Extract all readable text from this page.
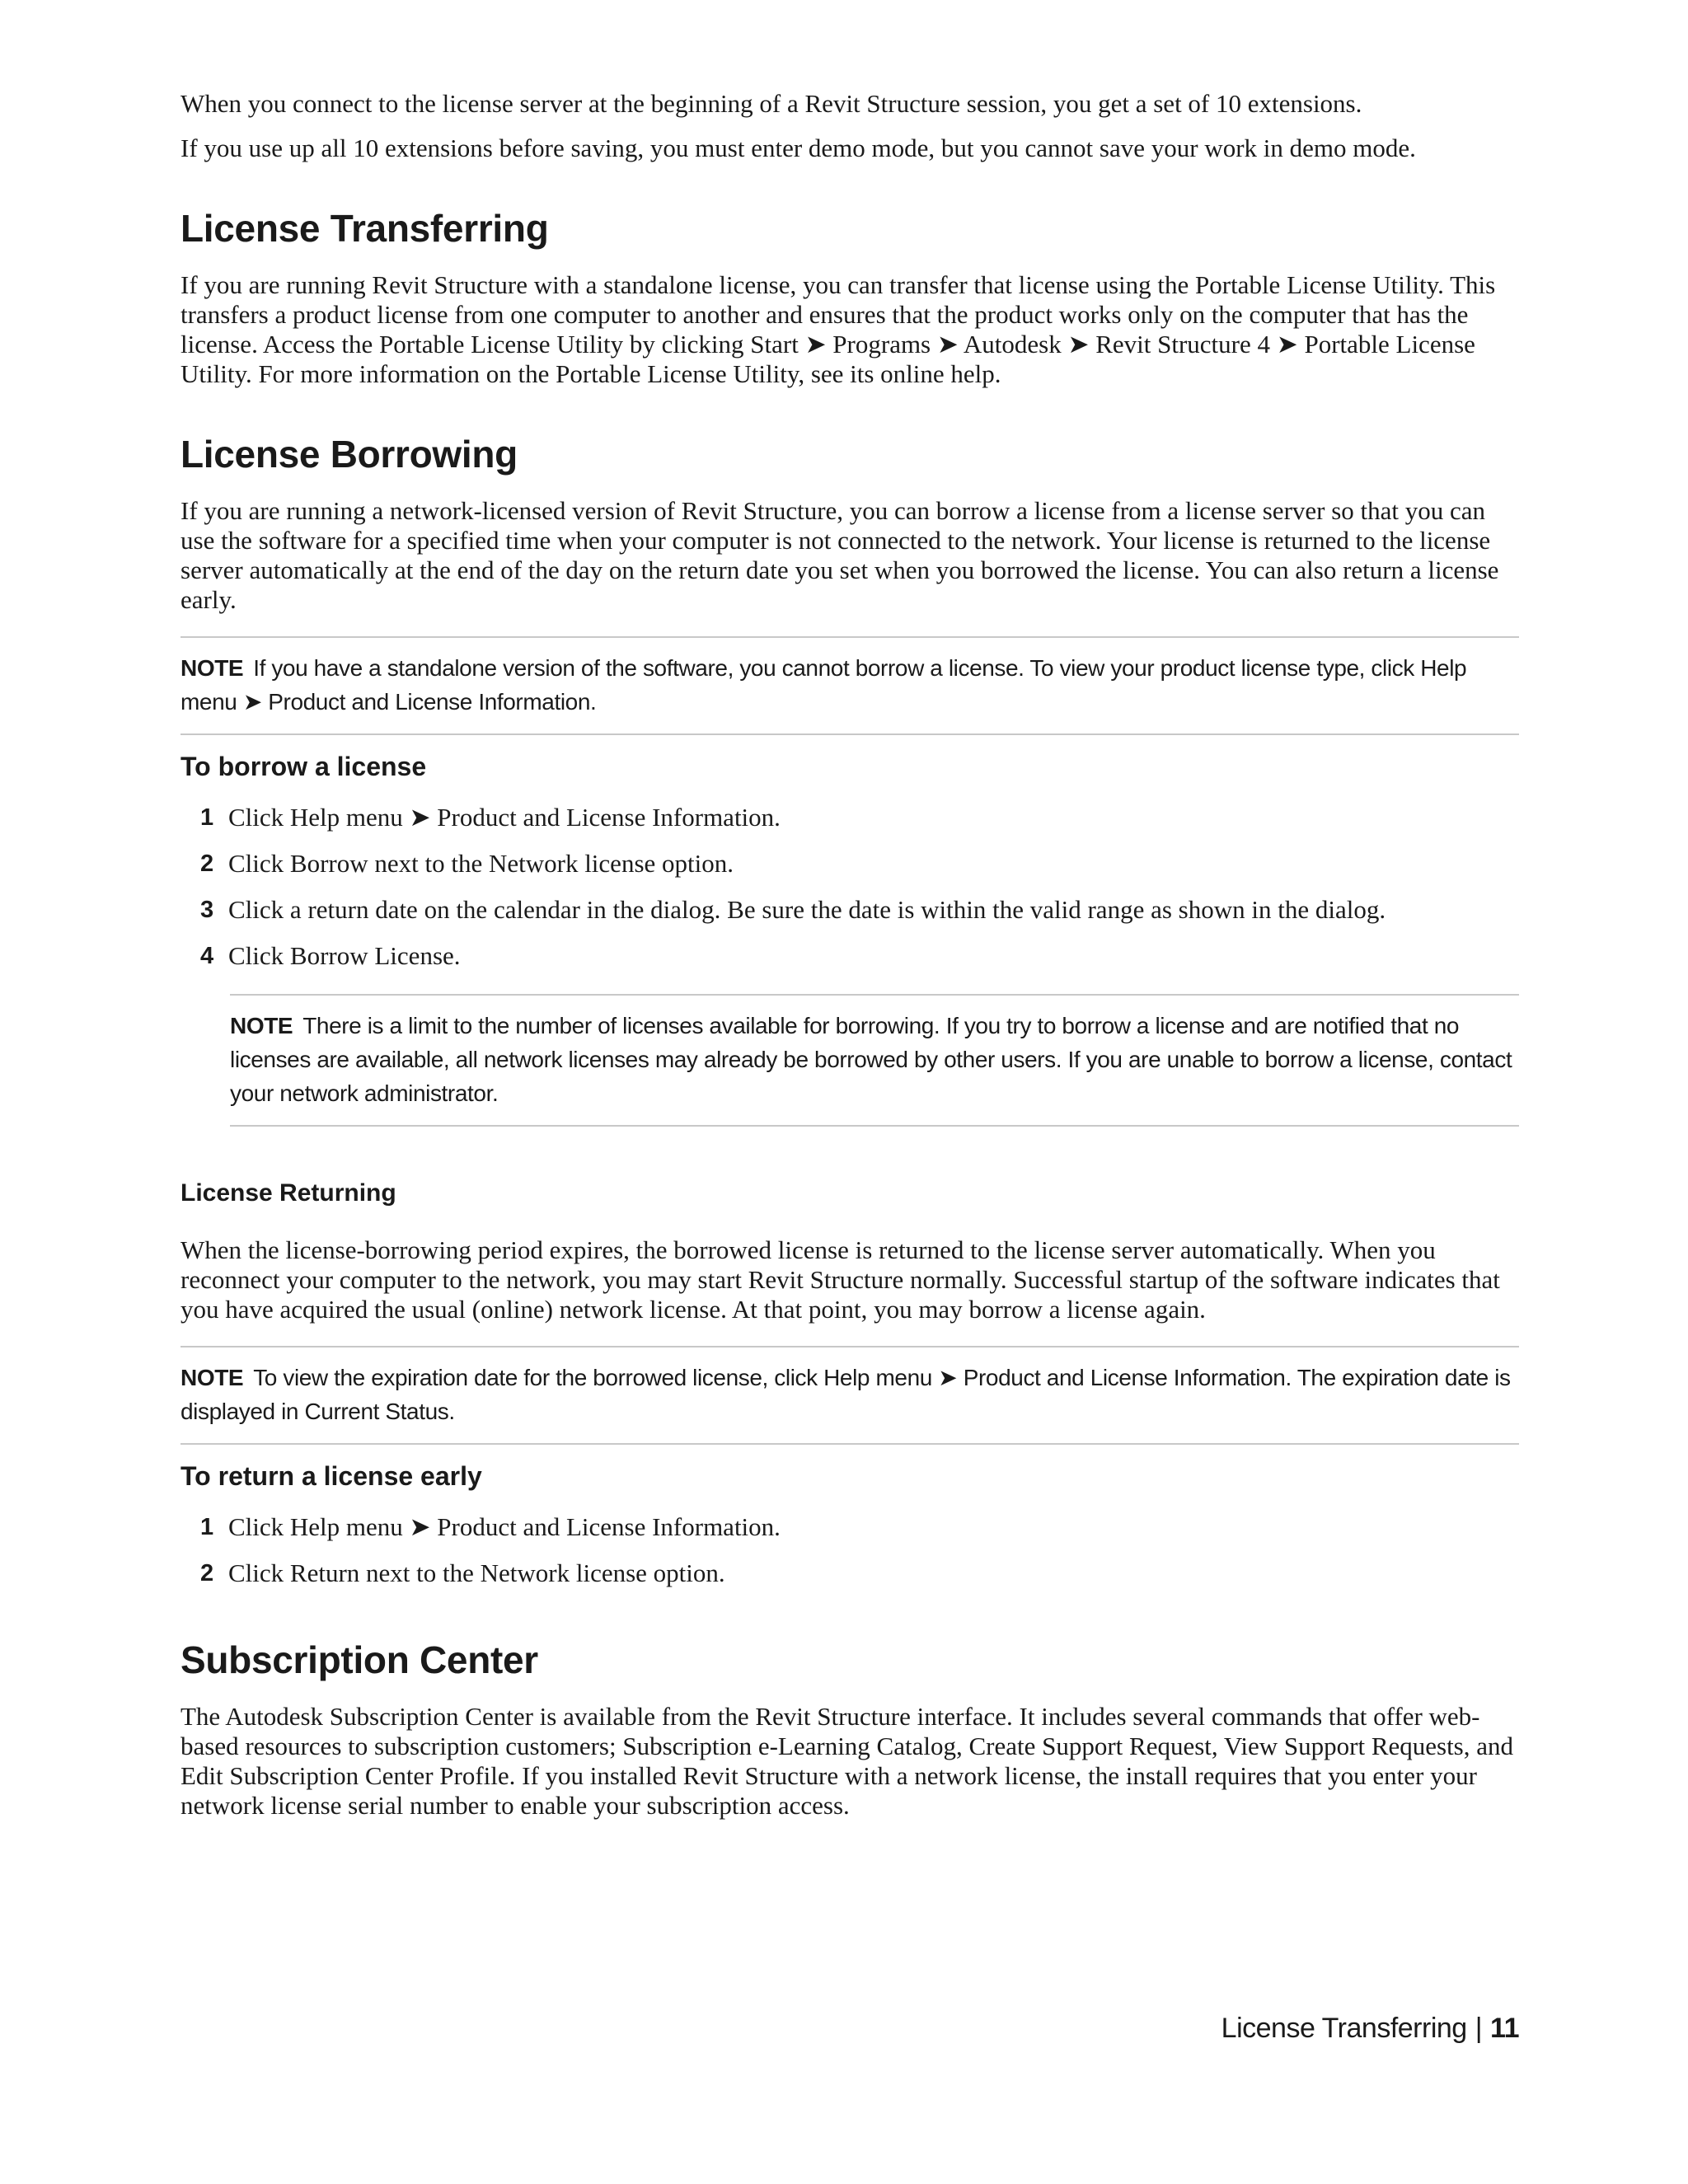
When you connect to the license server at the beginning of a Revit Structure session, you get a set of 10 extensions.

If you use up all 10 extensions before saving, you must enter demo mode, but you cannot save your work in demo mode.

License Transferring

If you are running Revit Structure with a standalone license, you can transfer that license using the Portable License Utility. This transfers a product license from one computer to another and ensures that the product works only on the computer that has the license. Access the Portable License Utility by clicking Start ➤ Programs ➤ Autodesk ➤ Revit Structure 4 ➤ Portable License Utility. For more information on the Portable License Utility, see its online help.

License Borrowing

If you are running a network-licensed version of Revit Structure, you can borrow a license from a license server so that you can use the software for a specified time when your computer is not connected to the network. Your license is returned to the license server automatically at the end of the day on the return date you set when you borrowed the license. You can also return a license early.

NOTE If you have a standalone version of the software, you cannot borrow a license. To view your product license type, click Help menu ➤ Product and License Information.
To borrow a license
1 Click Help menu ➤ Product and License Information.
2 Click Borrow next to the Network license option.
3 Click a return date on the calendar in the dialog. Be sure the date is within the valid range as shown in the dialog.
4 Click Borrow License.
NOTE There is a limit to the number of licenses available for borrowing. If you try to borrow a license and are notified that no licenses are available, all network licenses may already be borrowed by other users. If you are unable to borrow a license, contact your network administrator.
License Returning

When the license-borrowing period expires, the borrowed license is returned to the license server automatically. When you reconnect your computer to the network, you may start Revit Structure normally. Successful startup of the software indicates that you have acquired the usual (online) network license. At that point, you may borrow a license again.

NOTE To view the expiration date for the borrowed license, click Help menu ➤ Product and License Information. The expiration date is displayed in Current Status.
To return a license early
1 Click Help menu ➤ Product and License Information.
2 Click Return next to the Network license option.
Subscription Center

The Autodesk Subscription Center is available from the Revit Structure interface. It includes several commands that offer web-based resources to subscription customers; Subscription e-Learning Catalog, Create Support Request, View Support Requests, and Edit Subscription Center Profile. If you installed Revit Structure with a network license, the install requires that you enter your network license serial number to enable your subscription access.

License Transferring | 11
